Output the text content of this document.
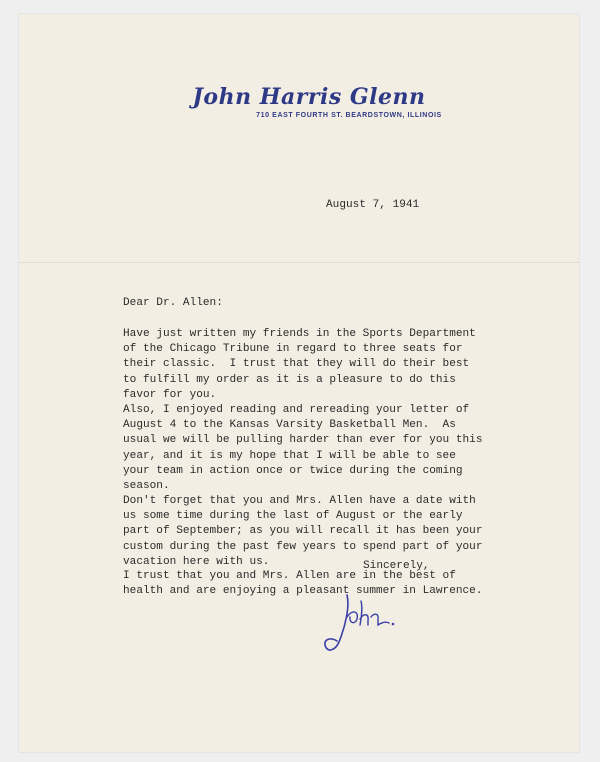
John Harris Glenn
710 EAST FOURTH ST. BEARDSTOWN, ILLINOIS
August 7, 1941
Dear Dr. Allen:

Have just written my friends in the Sports Department
of the Chicago Tribune in regard to three seats for
their classic.  I trust that they will do their best
to fulfill my order as it is a pleasure to do this
favor for you.

Also, I enjoyed reading and rereading your letter of
August 4 to the Kansas Varsity Basketball Men.  As
usual we will be pulling harder than ever for you this
year, and it is my hope that I will be able to see
your team in action once or twice during the coming
season.

Don't forget that you and Mrs. Allen have a date with
us some time during the last of August or the early
part of September; as you will recall it has been your
custom during the past few years to spend part of your
vacation here with us.

I trust that you and Mrs. Allen are in the best of
health and are enjoying a pleasant summer in Lawrence.

Sincerely,
